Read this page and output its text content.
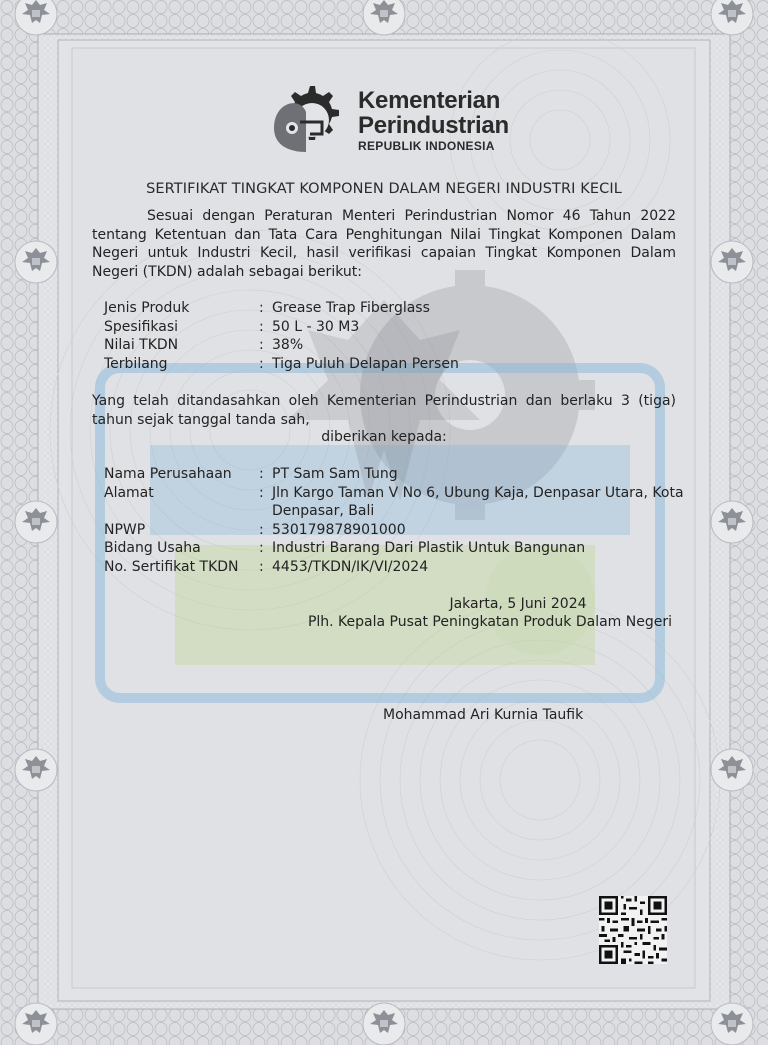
Kementerian
Perindustrian
REPUBLIK INDONESIA
SERTIFIKAT TINGKAT KOMPONEN DALAM NEGERI INDUSTRI KECIL
Sesuai dengan Peraturan Menteri Perindustrian Nomor 46 Tahun 2022 tentang Ketentuan dan Tata Cara Penghitungan Nilai Tingkat Komponen Dalam Negeri untuk Industri Kecil, hasil verifikasi capaian Tingkat Komponen Dalam Negeri (TKDN) adalah sebagai berikut:
Jenis Produk	: Grease Trap Fiberglass
Spesifikasi	: 50 L - 30 M3
Nilai TKDN	: 38%
Terbilang	: Tiga Puluh Delapan Persen
Yang telah ditandasahkan oleh Kementerian Perindustrian dan berlaku 3 (tiga) tahun sejak tanggal tanda sah,
diberikan kepada:
Nama Perusahaan	: PT Sam Sam Tung
Alamat	: Jln Kargo Taman V No 6, Ubung Kaja, Denpasar Utara, Kota Denpasar, Bali
NPWP	: 530179878901000
Bidang Usaha	: Industri Barang Dari Plastik Untuk Bangunan
No. Sertifikat TKDN	: 4453/TKDN/IK/VI/2024
Jakarta, 5 Juni 2024
Plh. Kepala Pusat Peningkatan Produk Dalam Negeri
Mohammad Ari Kurnia Taufik
